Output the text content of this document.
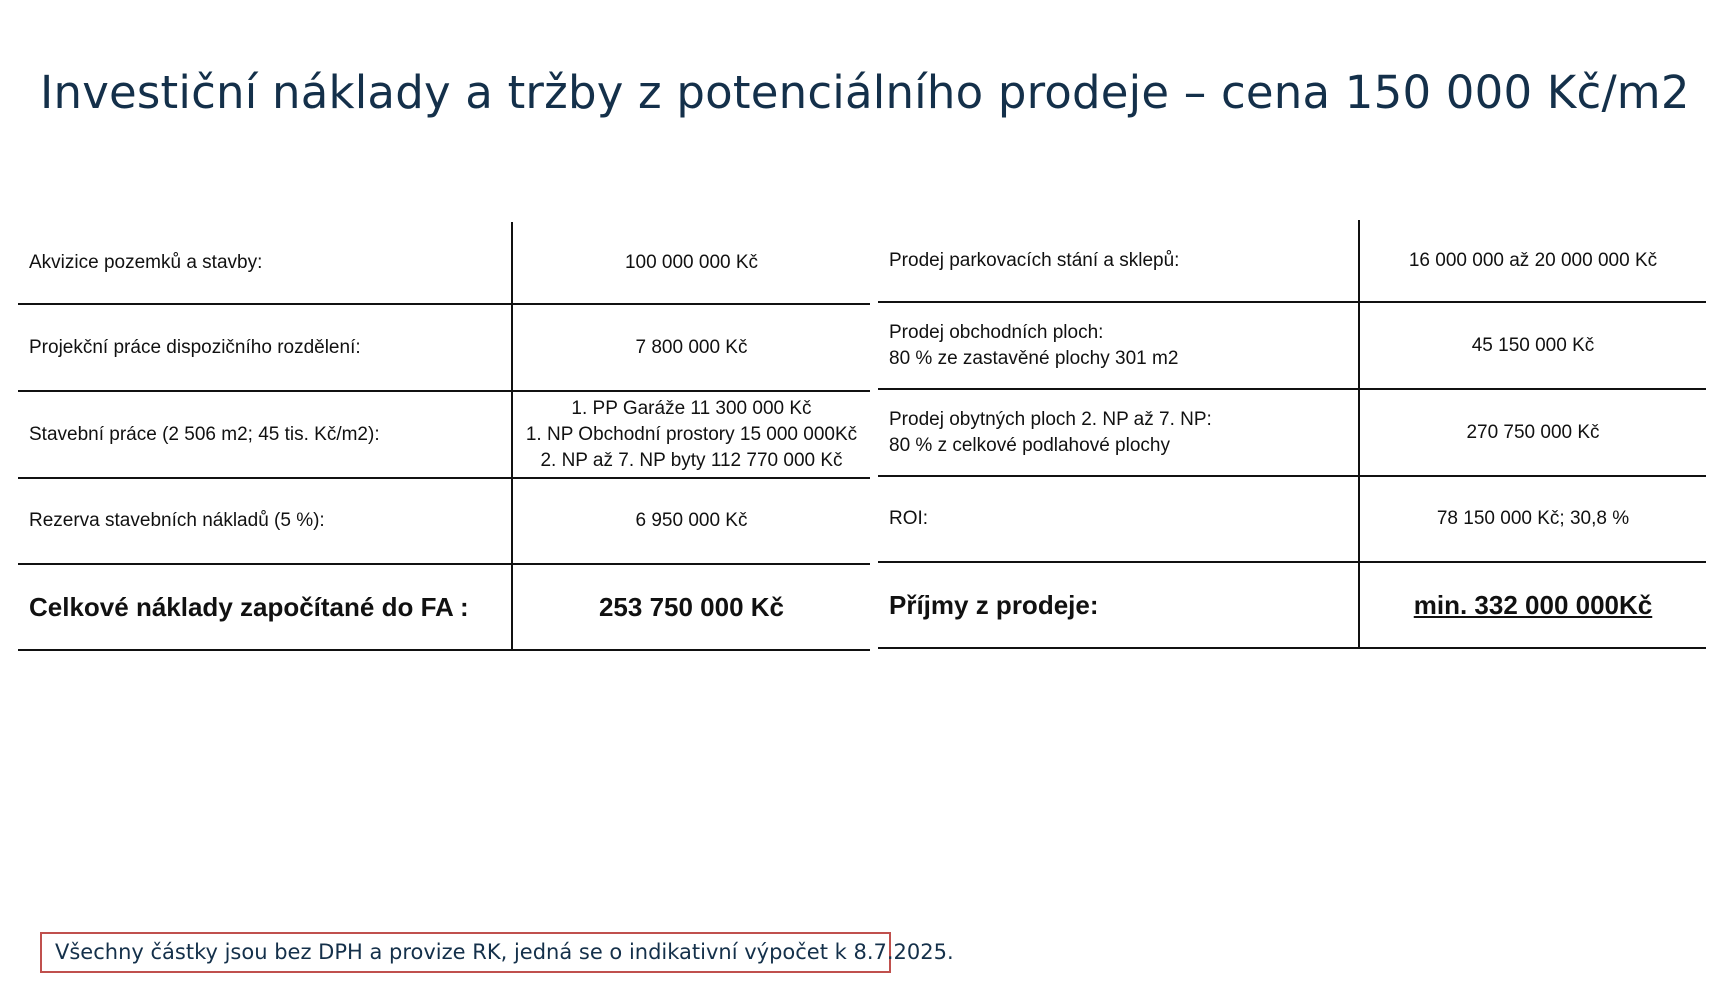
Investiční náklady a tržby z potenciálního prodeje – cena 150 000 Kč/m2
Akvizice pozemků a stavby:	100 000 000 Kč

Projekční práce dispozičního rozdělení:	7 800 000 Kč

Stavební práce (2 506 m2; 45 tis. Kč/m2):	1. PP Garáže 11 300 000 Kč
1. NP Obchodní prostory 15 000 000Kč
2. NP až 7. NP byty 112 770 000 Kč

Rezerva stavebních nákladů (5 %):	6 950 000 Kč

Celkové náklady započítané do FA :	253 750 000 Kč
Prodej parkovacích stání a sklepů:	16 000 000 až 20 000 000 Kč

Prodej obchodních ploch:
80 % ze zastavěné plochy 301 m2	45 150 000 Kč

Prodej obytných ploch 2. NP až 7. NP:
80 % z celkové podlahové plochy	270 750 000 Kč

ROI:	78 150 000 Kč; 30,8 %
Příjmy z prodeje:	min. 332 000 000Kč
Všechny částky jsou bez DPH a provize RK, jedná se o indikativní výpočet k 8.7.2025.
